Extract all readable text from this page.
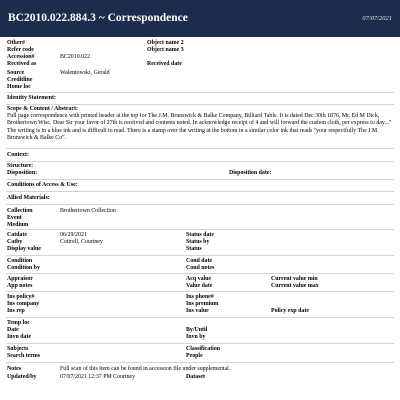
BC2010.022.884.3 ~ Correspondence	07/07/2021
Other#
Refer code
Accession#	BC2010.022
Received as
Source	Walentowski, Gerald
Creditline
Home loc
Object name 2
Object name 3
Received date
Identity Statement:
Scope & Content / Abstract:
Full page correspondence with printed header at the top for The J.M. Brunswick & Balke Company, Billiard Table. It is dated Dec 30th 1876, Mr. Ed M Dick, Brothertown Wisc. Dear Sir your favor of 27th is received and contents noted. In acknowledge receipt of 4 and will forward the cushon cloth, per express to day..." The writing is in a blue ink and is difficult to read. There is a stamp over the writing at the bottom in a similar color ink that reads "your respectfully The J.M. Brunswick & Balke Co".
Context:
Structure:
Disposition:	Disposition date:
Conditions of Access & Use:
Allied Materials:
Collection	Brothertown Collection
Event
Medium
Catdate	06/29/2021
Catby	Cottrell, Courtney
Display value
Status date
Status by
Status
Condition
Condition by
Cond date
Cond notes
Appraisor
App notes
Acq value
Value date
Current value min
Current value max
Ins policy#
Ins company
Ins rep
Ins phone#
Ins premium
Ins value	Policy exp date
Temp loc
Date
Invn date
By/Until
Invn by
Subjects
Search terms
Classification
People
Notes	Full scan of this item can be found in accession file under supplemental.
Updated/by	07/07/2021 12:37 PM Courtney	Dataset
